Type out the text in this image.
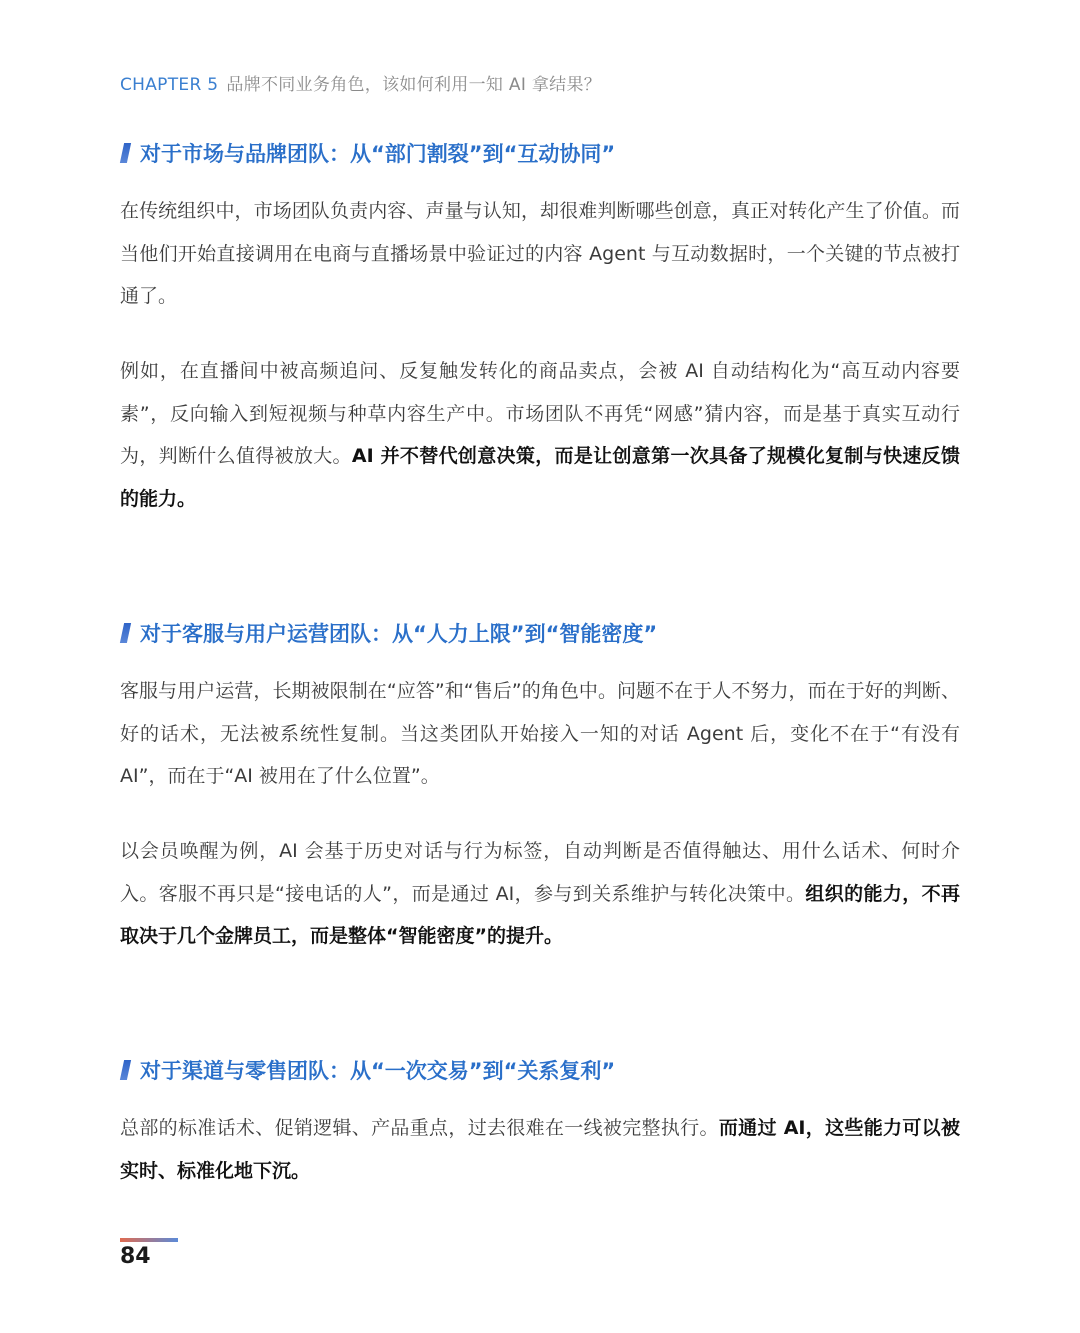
CHAPTER 5 品牌不同业务角色，该如何利用一知 AI 拿结果？
对于市场与品牌团队：从“部门割裂”到“互动协同”

在传统组织中，市场团队负责内容、声量与认知，却很难判断哪些创意，真正对转化产生了价值。而当他们开始直接调用在电商与直播场景中验证过的内容 Agent 与互动数据时，一个关键的节点被打通了。

例如，在直播间中被高频追问、反复触发转化的商品卖点，会被 AI 自动结构化为“高互动内容要素”，反向输入到短视频与种草内容生产中。市场团队不再凭“网感”猜内容，而是基于真实互动行为，判断什么值得被放大。AI 并不替代创意决策，而是让创意第一次具备了规模化复制与快速反馈的能力。

对于客服与用户运营团队：从“人力上限”到“智能密度”

客服与用户运营，长期被限制在“应答”和“售后”的角色中。问题不在于人不努力，而在于好的判断、好的话术，无法被系统性复制。当这类团队开始接入一知的对话 Agent 后，变化不在于“有没有 AI”，而在于“AI 被用在了什么位置”。

以会员唤醒为例，AI 会基于历史对话与行为标签，自动判断是否值得触达、用什么话术、何时介入。客服不再只是“接电话的人”，而是通过 AI，参与到关系维护与转化决策中。组织的能力，不再取决于几个金牌员工，而是整体“智能密度”的提升。

对于渠道与零售团队：从“一次交易”到“关系复利”

总部的标准话术、促销逻辑、产品重点，过去很难在一线被完整执行。而通过 AI，这些能力可以被实时、标准化地下沉。

84
